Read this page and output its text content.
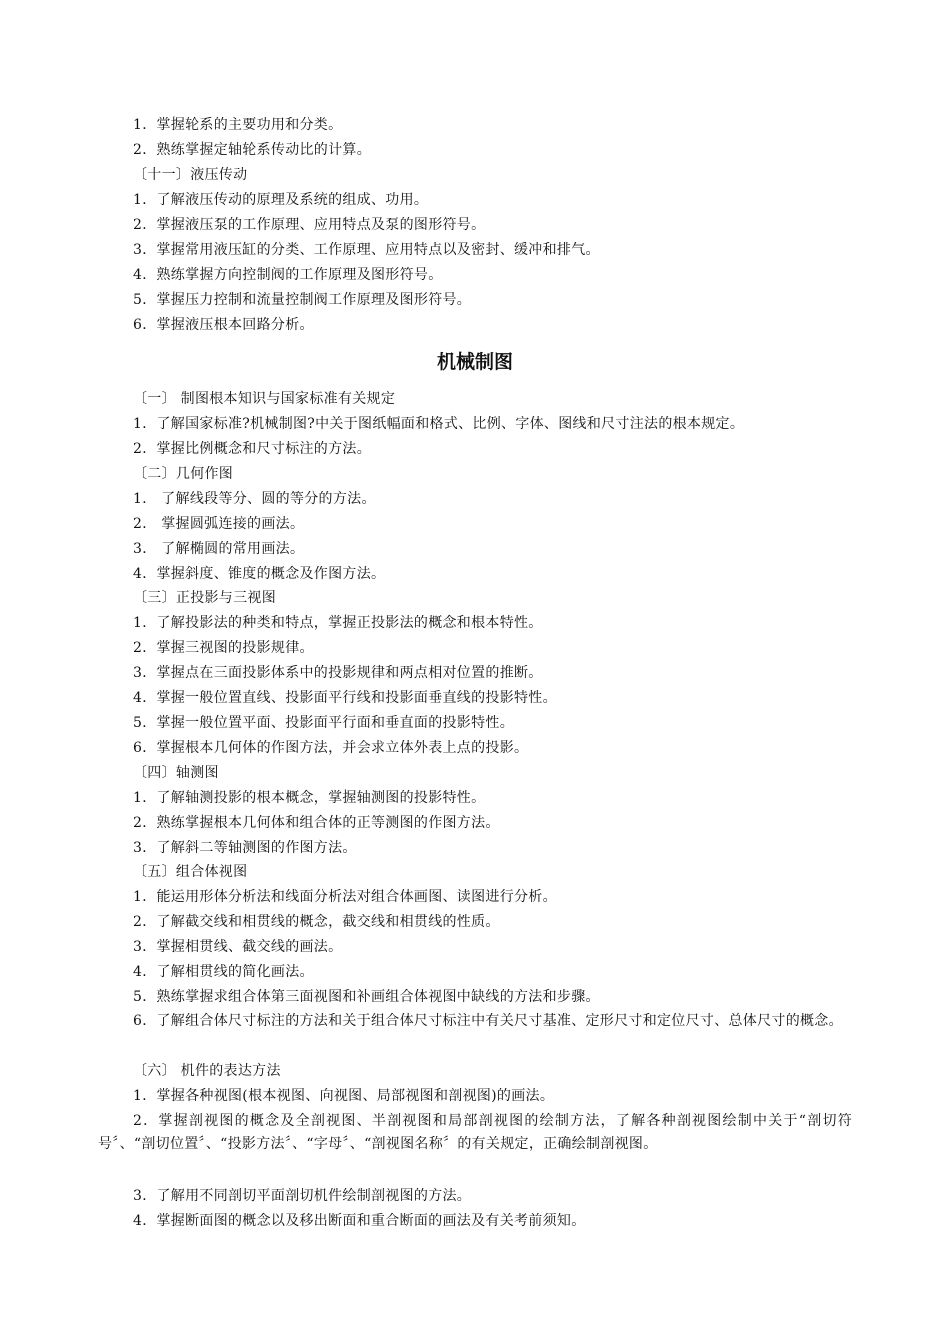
1．掌握轮系的主要功用和分类。
2．熟练掌握定轴轮系传动比的计算。
〔十一〕液压传动
1．了解液压传动的原理及系统的组成、功用。
2．掌握液压泵的工作原理、应用特点及泵的图形符号。
3．掌握常用液压缸的分类、工作原理、应用特点以及密封、缓冲和排气。
4．熟练掌握方向控制阀的工作原理及图形符号。
5．掌握压力控制和流量控制阀工作原理及图形符号。
6．掌握液压根本回路分析。
机械制图
〔一〕 制图根本知识与国家标准有关规定
1．了解国家标准?机械制图?中关于图纸幅面和格式、比例、字体、图线和尺寸注法的根本规定。
2．掌握比例概念和尺寸标注的方法。
〔二〕几何作图
1． 了解线段等分、圆的等分的方法。
2． 掌握圆弧连接的画法。
3． 了解椭圆的常用画法。
4．掌握斜度、锥度的概念及作图方法。
〔三〕正投影与三视图
1．了解投影法的种类和特点，掌握正投影法的概念和根本特性。
2．掌握三视图的投影规律。
3．掌握点在三面投影体系中的投影规律和两点相对位置的推断。
4．掌握一般位置直线、投影面平行线和投影面垂直线的投影特性。
5．掌握一般位置平面、投影面平行面和垂直面的投影特性。
6．掌握根本几何体的作图方法，并会求立体外表上点的投影。
〔四〕轴测图
1．了解轴测投影的根本概念，掌握轴测图的投影特性。
2．熟练掌握根本几何体和组合体的正等测图的作图方法。
3．了解斜二等轴测图的作图方法。
〔五〕组合体视图
1．能运用形体分析法和线面分析法对组合体画图、读图进行分析。
2．了解截交线和相贯线的概念，截交线和相贯线的性质。
3．掌握相贯线、截交线的画法。
4．了解相贯线的简化画法。
5．熟练掌握求组合体第三面视图和补画组合体视图中缺线的方法和步骤。
6．了解组合体尺寸标注的方法和关于组合体尺寸标注中有关尺寸基准、定形尺寸和定位尺寸、总体尺寸的概念。
〔六〕 机件的表达方法
1．掌握各种视图(根本视图、向视图、局部视图和剖视图)的画法。
2．掌握剖视图的概念及全剖视图、半剖视图和局部剖视图的绘制方法，了解各种剖视图绘制中关于“剖切符号〞、“剖切位置〞、“投影方法〞、“字母〞、“剖视图名称〞的有关规定，正确绘制剖视图。
3．了解用不同剖切平面剖切机件绘制剖视图的方法。
4．掌握断面图的概念以及移出断面和重合断面的画法及有关考前须知。
